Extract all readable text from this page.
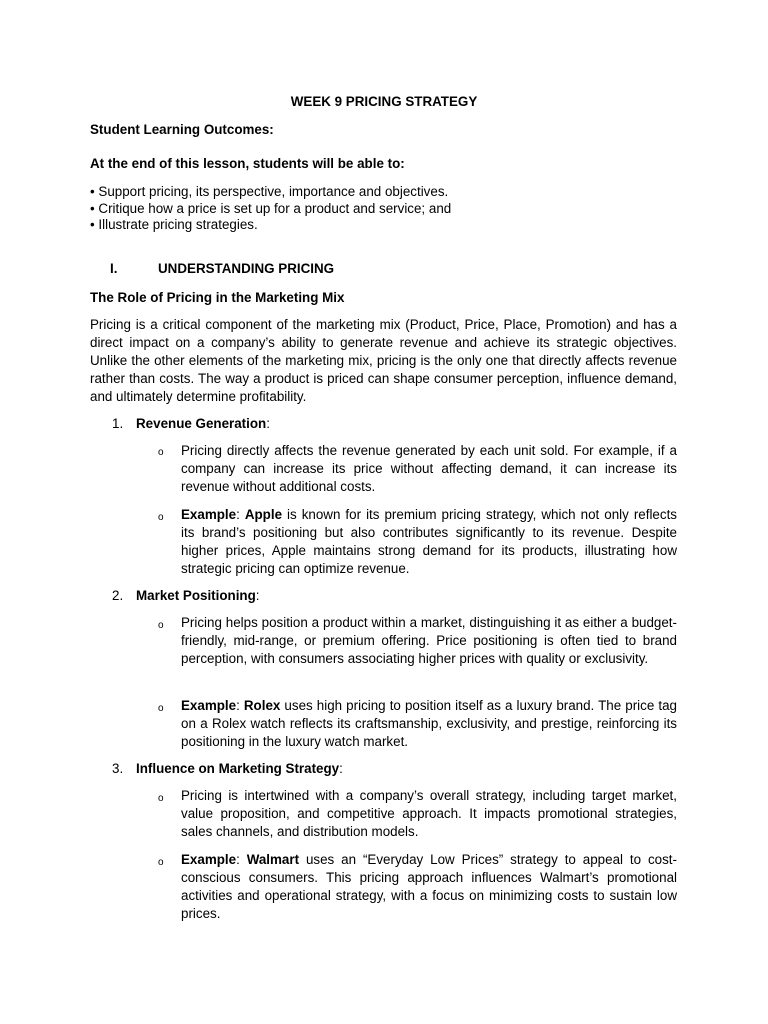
WEEK 9 PRICING STRATEGY

Student Learning Outcomes:

At the end of this lesson, students will be able to:

• Support pricing, its perspective, importance and objectives.

• Critique how a price is set up for a product and service; and

• Illustrate pricing strategies.

I.	UNDERSTANDING PRICING

The Role of Pricing in the Marketing Mix

Pricing is a critical component of the marketing mix (Product, Price, Place, Promotion) and has a direct impact on a company’s ability to generate revenue and achieve its strategic objectives. Unlike the other elements of the marketing mix, pricing is the only one that directly affects revenue rather than costs. The way a product is priced can shape consumer perception, influence demand, and ultimately determine profitability.

1. Revenue Generation:

o Pricing directly affects the revenue generated by each unit sold. For example, if a company can increase its price without affecting demand, it can increase its revenue without additional costs.

o Example: Apple is known for its premium pricing strategy, which not only reflects its brand’s positioning but also contributes significantly to its revenue. Despite higher prices, Apple maintains strong demand for its products, illustrating how strategic pricing can optimize revenue.

2. Market Positioning:

o Pricing helps position a product within a market, distinguishing it as either a budget-friendly, mid-range, or premium offering. Price positioning is often tied to brand perception, with consumers associating higher prices with quality or exclusivity.

o Example: Rolex uses high pricing to position itself as a luxury brand. The price tag on a Rolex watch reflects its craftsmanship, exclusivity, and prestige, reinforcing its positioning in the luxury watch market.

3. Influence on Marketing Strategy:

o Pricing is intertwined with a company’s overall strategy, including target market, value proposition, and competitive approach. It impacts promotional strategies, sales channels, and distribution models.

o Example: Walmart uses an “Everyday Low Prices” strategy to appeal to cost-conscious consumers. This pricing approach influences Walmart’s promotional activities and operational strategy, with a focus on minimizing costs to sustain low prices.
